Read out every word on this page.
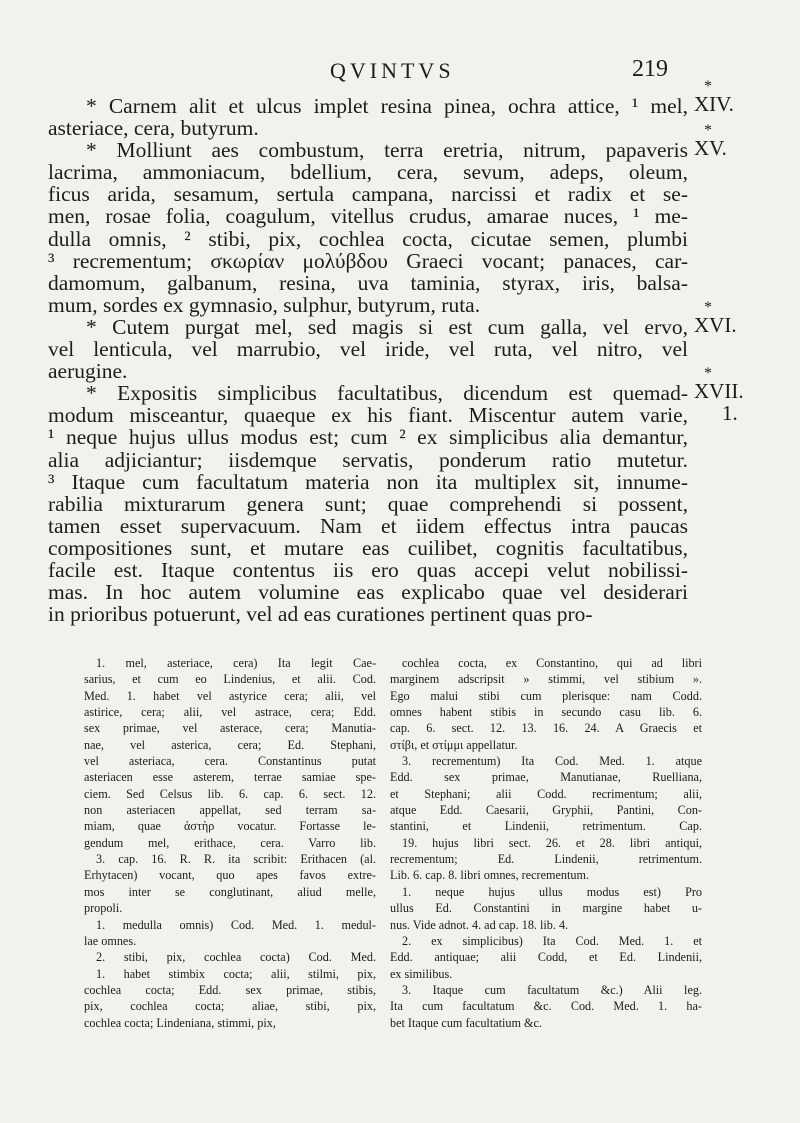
QVINTVS	219
* Carnem alit et ulcus implet resina pinea, ochra attice, ¹ mel,
asteriace, cera, butyrum.
* Molliunt aes combustum, terra eretria, nitrum, papaveris
lacrima, ammoniacum, bdellium, cera, sevum, adeps, oleum,
ficus arida, sesamum, sertula campana, narcissi et radix et se-
men, rosae folia, coagulum, vitellus crudus, amarae nuces, ¹ me-
dulla omnis, ² stibi, pix, cochlea cocta, cicutae semen, plumbi
³ recrementum; σκωρίαν μολύβδου Graeci vocant; panaces, car-
damomum, galbanum, resina, uva taminia, styrax, iris, balsa-
mum, sordes ex gymnasio, sulphur, butyrum, ruta.
* Cutem purgat mel, sed magis si est cum galla, vel ervo,
vel lenticula, vel marrubio, vel iride, vel ruta, vel nitro, vel
aerugine.
* Expositis simplicibus facultatibus, dicendum est quemad-
modum misceantur, quaeque ex his fiant. Miscentur autem varie,
¹ neque hujus ullus modus est; cum ² ex simplicibus alia demantur,
alia adjiciantur; iisdemque servatis, ponderum ratio mutetur.
³ Itaque cum facultatum materia non ita multiplex sit, innume-
rabilia mixturarum genera sunt; quae comprehendi si possent,
tamen esset supervacuum. Nam et iidem effectus intra paucas
compositiones sunt, et mutare eas cuilibet, cognitis facultatibus,
facile est. Itaque contentus iis ero quas accepi velut nobilissi-
mas. In hoc autem volumine eas explicabo quae vel desiderari
in prioribus potuerunt, vel ad eas curationes pertinent quas pro-
XIV.
*
XV.
*
XVI.
*
XVII.
*
1.
1. mel, asteriace, cera) Ita legit Cae-
sarius, et cum eo Lindenius, et alii. Cod.
Med. 1. habet vel astyrice cera; alii, vel
astirice, cera; alii, vel astrace, cera; Edd.
sex primae, vel asterace, cera; Manutia-
nae, vel asterica, cera; Ed. Stephani,
vel asteriaca, cera. Constantinus putat
asteriacen esse asterem, terrae samiae spe-
ciem. Sed Celsus lib. 6. cap. 6. sect. 12.
non asteriacen appellat, sed terram sa-
miam, quae ἀστὴρ vocatur. Fortasse le-
gendum mel, erithace, cera. Varro lib.
3. cap. 16. R. R. ita scribit: Erithacen (al.
Erhytacen) vocant, quo apes favos extre-
mos inter se conglutinant, aliud melle,
propoli.
1. medulla omnis) Cod. Med. 1. medul-
lae omnes.
2. stibi, pix, cochlea cocta) Cod. Med.
1. habet stimbix cocta; alii, stilmi, pix,
cochlea cocta; Edd. sex primae, stibis,
pix, cochlea cocta; aliae, stibi, pix,
cochlea cocta; Lindeniana, stimmi, pix,
cochlea cocta, ex Constantino, qui ad libri
marginem adscripsit » stimmi, vel stibium ».
Ego malui stibi cum plerisque: nam Codd.
omnes habent stibis in secundo casu lib. 6.
cap. 6. sect. 12. 13. 16. 24. A Graecis et
στίβι, et στίμμι appellatur.
3. recrementum) Ita Cod. Med. 1. atque
Edd. sex primae, Manutianae, Ruelliana,
et Stephani; alii Codd. recrimentum; alii,
atque Edd. Caesarii, Gryphii, Pantini, Con-
stantini, et Lindenii, retrimentum. Cap.
19. hujus libri sect. 26. et 28. libri antiqui,
recrementum; Ed. Lindenii, retrimentum.
Lib. 6. cap. 8. libri omnes, recrementum.
1. neque hujus ullus modus est) Pro
ullus Ed. Constantini in margine habet u-
nus. Vide adnot. 4. ad cap. 18. lib. 4.
2. ex simplicibus) Ita Cod. Med. 1. et
Edd. antiquae; alii Codd, et Ed. Lindenii,
ex similibus.
3. Itaque cum facultatum &c.) Alii leg.
Ita cum facultatum &c. Cod. Med. 1. ha-
bet Itaque cum facultatium &c.
